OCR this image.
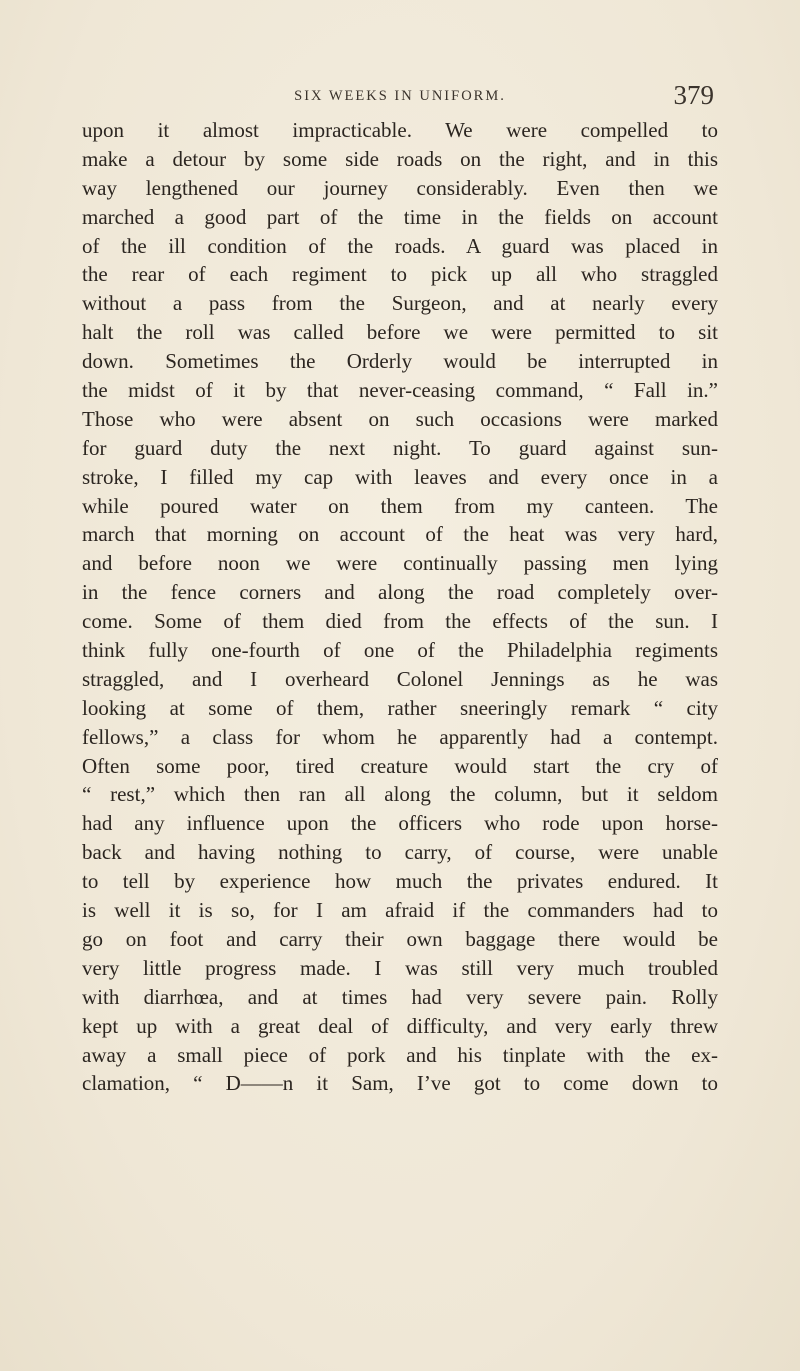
SIX WEEKS IN UNIFORM.	379
upon it almost impracticable. We were compelled to
make a detour by some side roads on the right, and in this
way lengthened our journey considerably. Even then we
marched a good part of the time in the fields on account
of the ill condition of the roads. A guard was placed in
the rear of each regiment to pick up all who straggled
without a pass from the Surgeon, and at nearly every
halt the roll was called before we were permitted to sit
down. Sometimes the Orderly would be interrupted in
the midst of it by that never-ceasing command, “ Fall in.”
Those who were absent on such occasions were marked
for guard duty the next night. To guard against sun-
stroke, I filled my cap with leaves and every once in a
while poured water on them from my canteen. The
march that morning on account of the heat was very hard,
and before noon we were continually passing men lying
in the fence corners and along the road completely over-
come. Some of them died from the effects of the sun. I
think fully one-fourth of one of the Philadelphia regiments
straggled, and I overheard Colonel Jennings as he was
looking at some of them, rather sneeringly remark “ city
fellows,” a class for whom he apparently had a contempt.
Often some poor, tired creature would start the cry of
“ rest,” which then ran all along the column, but it seldom
had any influence upon the officers who rode upon horse-
back and having nothing to carry, of course, were unable
to tell by experience how much the privates endured. It
is well it is so, for I am afraid if the commanders had to
go on foot and carry their own baggage there would be
very little progress made. I was still very much troubled
with diarrhœa, and at times had very severe pain. Rolly
kept up with a great deal of difficulty, and very early threw
away a small piece of pork and his tinplate with the ex-
clamation, “ D——n it Sam, I’ve got to come down to
